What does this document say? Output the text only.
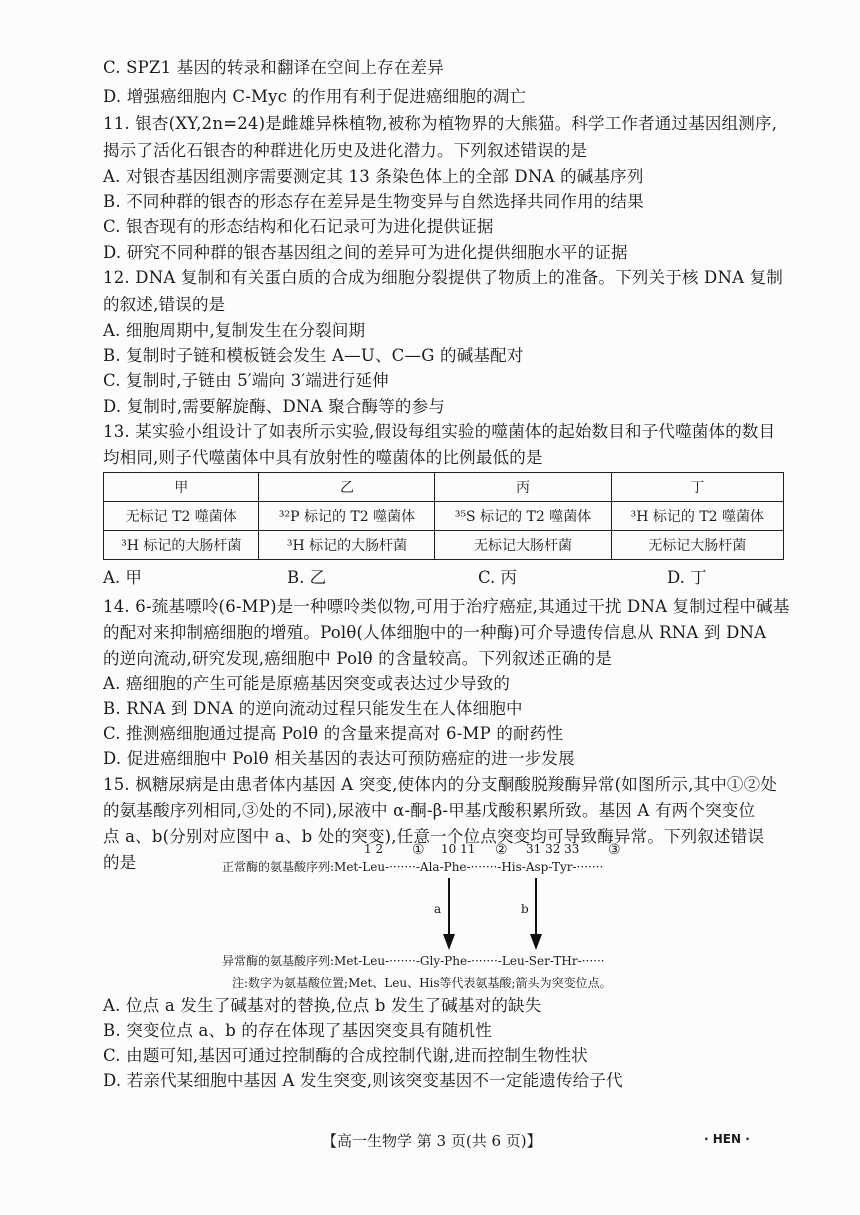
C. SPZ1 基因的转录和翻译在空间上存在差异
D. 增强癌细胞内 C-Myc 的作用有利于促进癌细胞的凋亡
11. 银杏(XY,2n=24)是雌雄异株植物,被称为植物界的大熊猫。科学工作者通过基因组测序,
揭示了活化石银杏的种群进化历史及进化潜力。下列叙述错误的是
A. 对银杏基因组测序需要测定其 13 条染色体上的全部 DNA 的碱基序列
B. 不同种群的银杏的形态存在差异是生物变异与自然选择共同作用的结果
C. 银杏现有的形态结构和化石记录可为进化提供证据
D. 研究不同种群的银杏基因组之间的差异可为进化提供细胞水平的证据
12. DNA 复制和有关蛋白质的合成为细胞分裂提供了物质上的准备。下列关于核 DNA 复制
的叙述,错误的是
A. 细胞周期中,复制发生在分裂间期
B. 复制时子链和模板链会发生 A—U、C—G 的碱基配对
C. 复制时,子链由 5′端向 3′端进行延伸
D. 复制时,需要解旋酶、DNA 聚合酶等的参与
13. 某实验小组设计了如表所示实验,假设每组实验的噬菌体的起始数目和子代噬菌体的数目
均相同,则子代噬菌体中具有放射性的噬菌体的比例最低的是
甲	乙	丙	丁
无标记 T2 噬菌体	³²P 标记的 T2 噬菌体	³⁵S 标记的 T2 噬菌体	³H 标记的 T2 噬菌体
³H 标记的大肠杆菌	³H 标记的大肠杆菌	无标记大肠杆菌	无标记大肠杆菌
A. 甲	B. 乙	C. 丙	D. 丁
14. 6-巯基嘌呤(6-MP)是一种嘌呤类似物,可用于治疗癌症,其通过干扰 DNA 复制过程中碱基
的配对来抑制癌细胞的增殖。Polθ(人体细胞中的一种酶)可介导遗传信息从 RNA 到 DNA
的逆向流动,研究发现,癌细胞中 Polθ 的含量较高。下列叙述正确的是
A. 癌细胞的产生可能是原癌基因突变或表达过少导致的
B. RNA 到 DNA 的逆向流动过程只能发生在人体细胞中
C. 推测癌细胞通过提高 Polθ 的含量来提高对 6-MP 的耐药性
D. 促进癌细胞中 Polθ 相关基因的表达可预防癌症的进一步发展
15. 枫糖尿病是由患者体内基因 A 突变,使体内的分支酮酸脱羧酶异常(如图所示,其中①②处
的氨基酸序列相同,③处的不同),尿液中 α-酮-β-甲基戊酸积累所致。基因 A 有两个突变位
点 a、b(分别对应图中 a、b 处的突变),任意一个位点突变均可导致酶异常。下列叙述错误
的是
1 2 ① 10 11 ② 31 32 33 ③
正常酶的氨基酸序列:Met-Leu-·······-Ala-Phe-·······-His-Asp-Tyr-·······
a	b
异常酶的氨基酸序列:Met-Leu-·······-Gly-Phe-·······-Leu-Ser-THr-······
注:数字为氨基酸位置;Met、Leu、His等代表氨基酸;箭头为突变位点。
A. 位点 a 发生了碱基对的替换,位点 b 发生了碱基对的缺失
B. 突变位点 a、b 的存在体现了基因突变具有随机性
C. 由题可知,基因可通过控制酶的合成控制代谢,进而控制生物性状
D. 若亲代某细胞中基因 A 发生突变,则该突变基因不一定能遗传给子代
【高一生物学 第 3 页(共 6 页)】	· HEN ·
